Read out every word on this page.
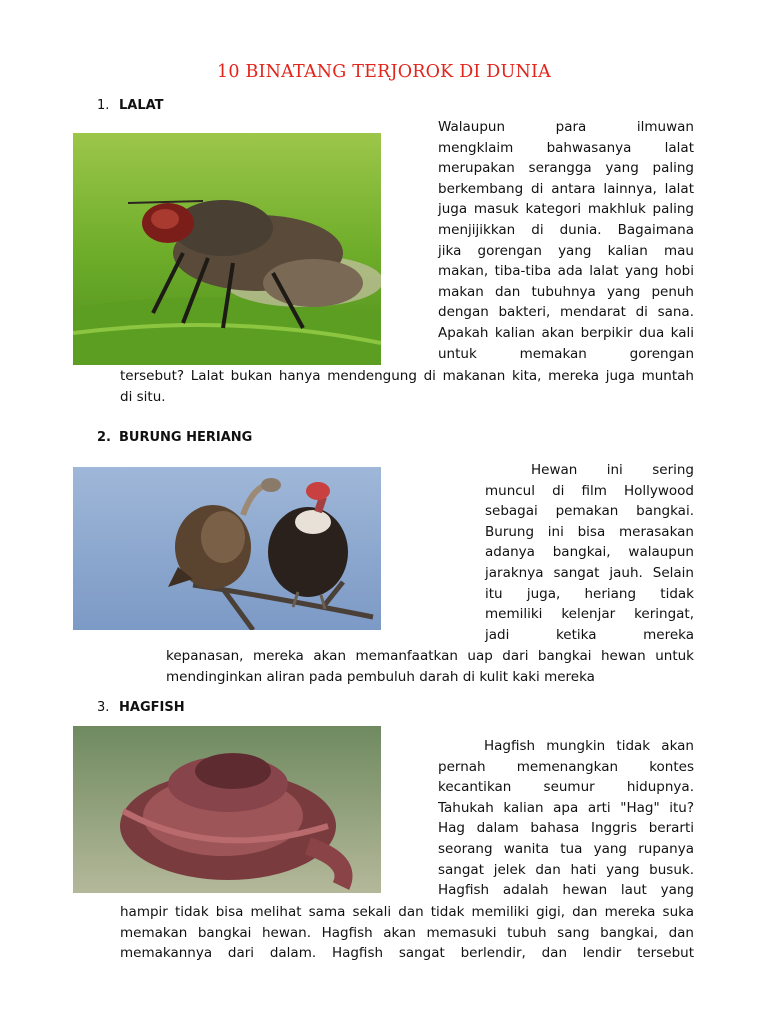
10 BINATANG TERJOROK DI DUNIA
1. LALAT
Walaupun para ilmuwan
mengklaim bahwasanya lalat
merupakan serangga yang paling
berkembang di antara lainnya, lalat
juga masuk kategori makhluk paling
menjijikkan di dunia. Bagaimana
jika gorengan yang kalian mau
makan, tiba-tiba ada lalat yang hobi
makan dan tubuhnya yang penuh
dengan bakteri, mendarat di sana.
Apakah kalian akan berpikir dua kali
untuk memakan gorengan
tersebut? Lalat bukan hanya mendengung di makanan kita, mereka juga muntah
di situ.
2. BURUNG HERIANG
Hewan ini sering
muncul di film Hollywood
sebagai pemakan bangkai.
Burung ini bisa merasakan
adanya bangkai, walaupun
jaraknya sangat jauh. Selain
itu juga, heriang tidak
memiliki kelenjar keringat,
jadi ketika mereka
kepanasan, mereka akan memanfaatkan uap dari bangkai hewan untuk
mendinginkan aliran pada pembuluh darah di kulit kaki mereka
3. HAGFISH
Hagfish mungkin tidak akan
pernah memenangkan kontes
kecantikan seumur hidupnya.
Tahukah kalian apa arti "Hag" itu?
Hag dalam bahasa Inggris berarti
seorang wanita tua yang rupanya
sangat jelek dan hati yang busuk.
Hagfish adalah hewan laut yang
hampir tidak bisa melihat sama sekali dan tidak memiliki gigi, dan mereka suka
memakan bangkai hewan. Hagfish akan memasuki tubuh sang bangkai, dan
memakannya dari dalam. Hagfish sangat berlendir, dan lendir tersebut
